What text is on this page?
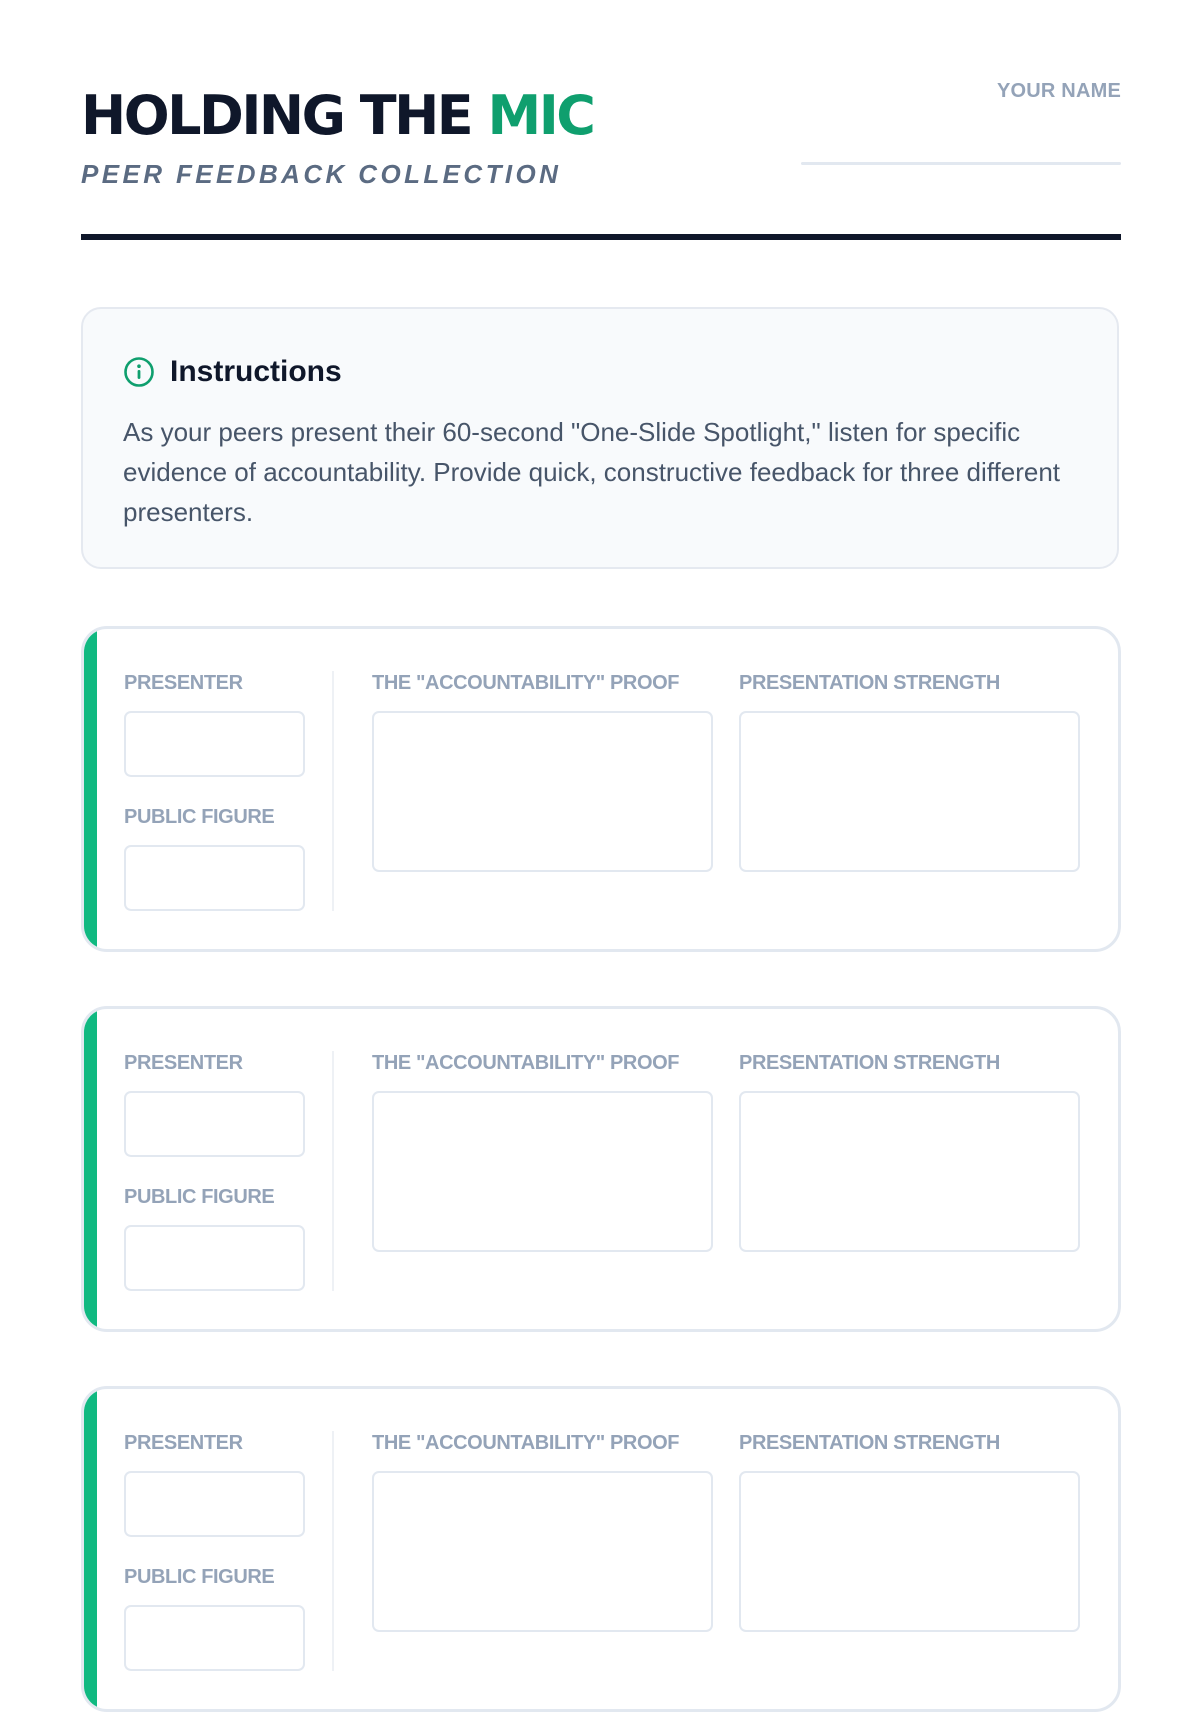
HOLDING THE MIC

PEER FEEDBACK COLLECTION

YOUR NAME
Instructions

As your peers present their 60-second "One-Slide Spotlight," listen for specific evidence of accountability. Provide quick, constructive feedback for three different presenters.

PRESENTER
PUBLIC FIGURE
THE "ACCOUNTABILITY" PROOF	PRESENTATION STRENGTH
PRESENTER
PUBLIC FIGURE
THE "ACCOUNTABILITY" PROOF	PRESENTATION STRENGTH
PRESENTER
PUBLIC FIGURE
THE "ACCOUNTABILITY" PROOF	PRESENTATION STRENGTH
